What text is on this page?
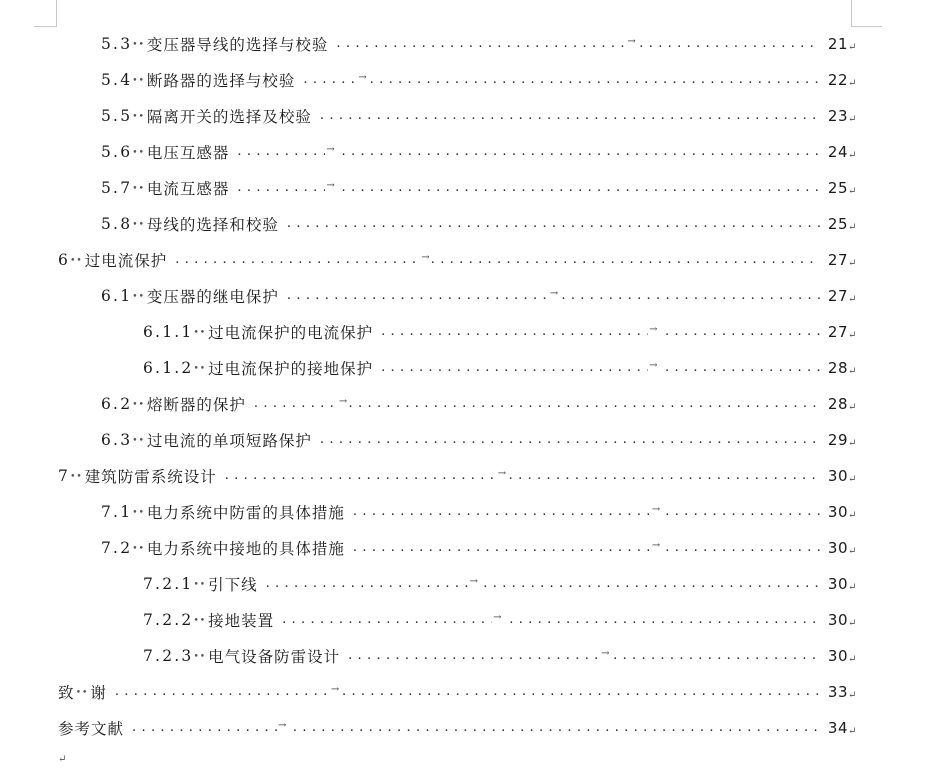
5.3 •• 变压器导线的选择与校验	. . . →	21 ↵
5.4 •• 断路器的选择与校验	. . . →	22 ↵
5.5 •• 隔离开关的选择及校验 . . .	23 ↵
5.6 •• 电压互感器	. . . →	24 ↵
5.7 •• 电流互感器	. . . →	25 ↵
5.8 •• 母线的选择和校验 . . .	25 ↵
6 •• 过电流保护	. . . →	27 ↵
6.1 •• 变压器的继电保护	. . . →	27 ↵
6.1.1 •• 过电流保护的电流保护	. . . →	27 ↵
6.1.2 •• 过电流保护的接地保护	. . . →	28 ↵
6.2 •• 熔断器的保护	. . . →	28 ↵
6.3 •• 过电流的单项短路保护 . . .	29 ↵
7 •• 建筑防雷系统设计	. . . →	30 ↵
7.1 •• 电力系统中防雷的具体措施	. . . →	30 ↵
7.2 •• 电力系统中接地的具体措施	. . . →	30 ↵
7.2.1 •• 引下线	. . . →	30 ↵
7.2.2 •• 接地装置	. . . →	30 ↵
7.2.3 •• 电气设备防雷设计	. . . →	30 ↵
致 •• 谢	. . . →	33 ↵
参考文献	. . . →	34 ↵
↵
